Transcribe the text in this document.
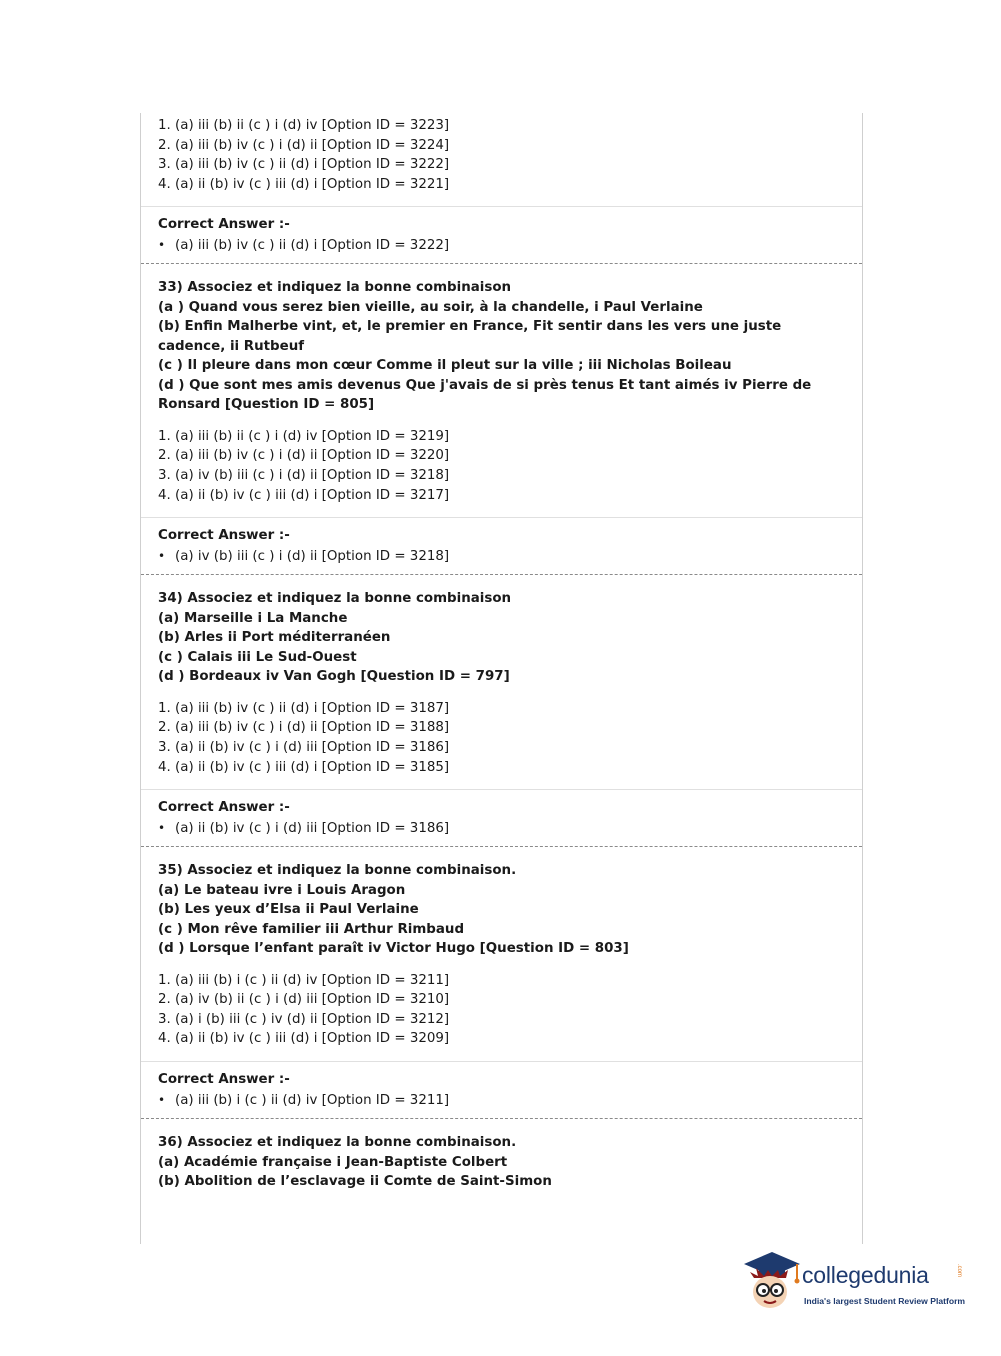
1. (a) iii (b) ii (c ) i (d) iv [Option ID = 3223]
2. (a) iii (b) iv (c ) i (d) ii [Option ID = 3224]
3. (a) iii (b) iv (c ) ii (d) i [Option ID = 3222]
4. (a) ii (b) iv (c ) iii (d) i [Option ID = 3221]
Correct Answer :-
• (a) iii (b) iv (c ) ii (d) i [Option ID = 3222]
33) Associez et indiquez la bonne combinaison
(a ) Quand vous serez bien vieille, au soir, à la chandelle, i Paul Verlaine
(b) Enfin Malherbe vint, et, le premier en France, Fit sentir dans les vers une juste cadence, ii Rutbeuf
(c ) Il pleure dans mon cœur Comme il pleut sur la ville ; iii Nicholas Boileau
(d ) Que sont mes amis devenus Que j'avais de si près tenus Et tant aimés iv Pierre de Ronsard [Question ID = 805]
1. (a) iii (b) ii (c ) i (d) iv [Option ID = 3219]
2. (a) iii (b) iv (c ) i (d) ii [Option ID = 3220]
3. (a) iv (b) iii (c ) i (d) ii [Option ID = 3218]
4. (a) ii (b) iv (c ) iii (d) i [Option ID = 3217]
Correct Answer :-
• (a) iv (b) iii (c ) i (d) ii [Option ID = 3218]
34) Associez et indiquez la bonne combinaison
(a) Marseille i La Manche
(b) Arles ii Port méditerranéen
(c ) Calais iii Le Sud-Ouest
(d ) Bordeaux iv Van Gogh [Question ID = 797]
1. (a) iii (b) iv (c ) ii (d) i [Option ID = 3187]
2. (a) iii (b) iv (c ) i (d) ii [Option ID = 3188]
3. (a) ii (b) iv (c ) i (d) iii [Option ID = 3186]
4. (a) ii (b) iv (c ) iii (d) i [Option ID = 3185]
Correct Answer :-
• (a) ii (b) iv (c ) i (d) iii [Option ID = 3186]
35) Associez et indiquez la bonne combinaison.
(a) Le bateau ivre i Louis Aragon
(b) Les yeux d’Elsa ii Paul Verlaine
(c ) Mon rêve familier iii Arthur Rimbaud
(d ) Lorsque l’enfant paraît iv Victor Hugo [Question ID = 803]
1. (a) iii (b) i (c ) ii (d) iv [Option ID = 3211]
2. (a) iv (b) ii (c ) i (d) iii [Option ID = 3210]
3. (a) i (b) iii (c ) iv (d) ii [Option ID = 3212]
4. (a) ii (b) iv (c ) iii (d) i [Option ID = 3209]
Correct Answer :-
• (a) iii (b) i (c ) ii (d) iv [Option ID = 3211]
36) Associez et indiquez la bonne combinaison.
(a) Académie française i Jean-Baptiste Colbert
(b) Abolition de l’esclavage ii Comte de Saint-Simon
collegedunia	.com
India's largest Student Review Platform
